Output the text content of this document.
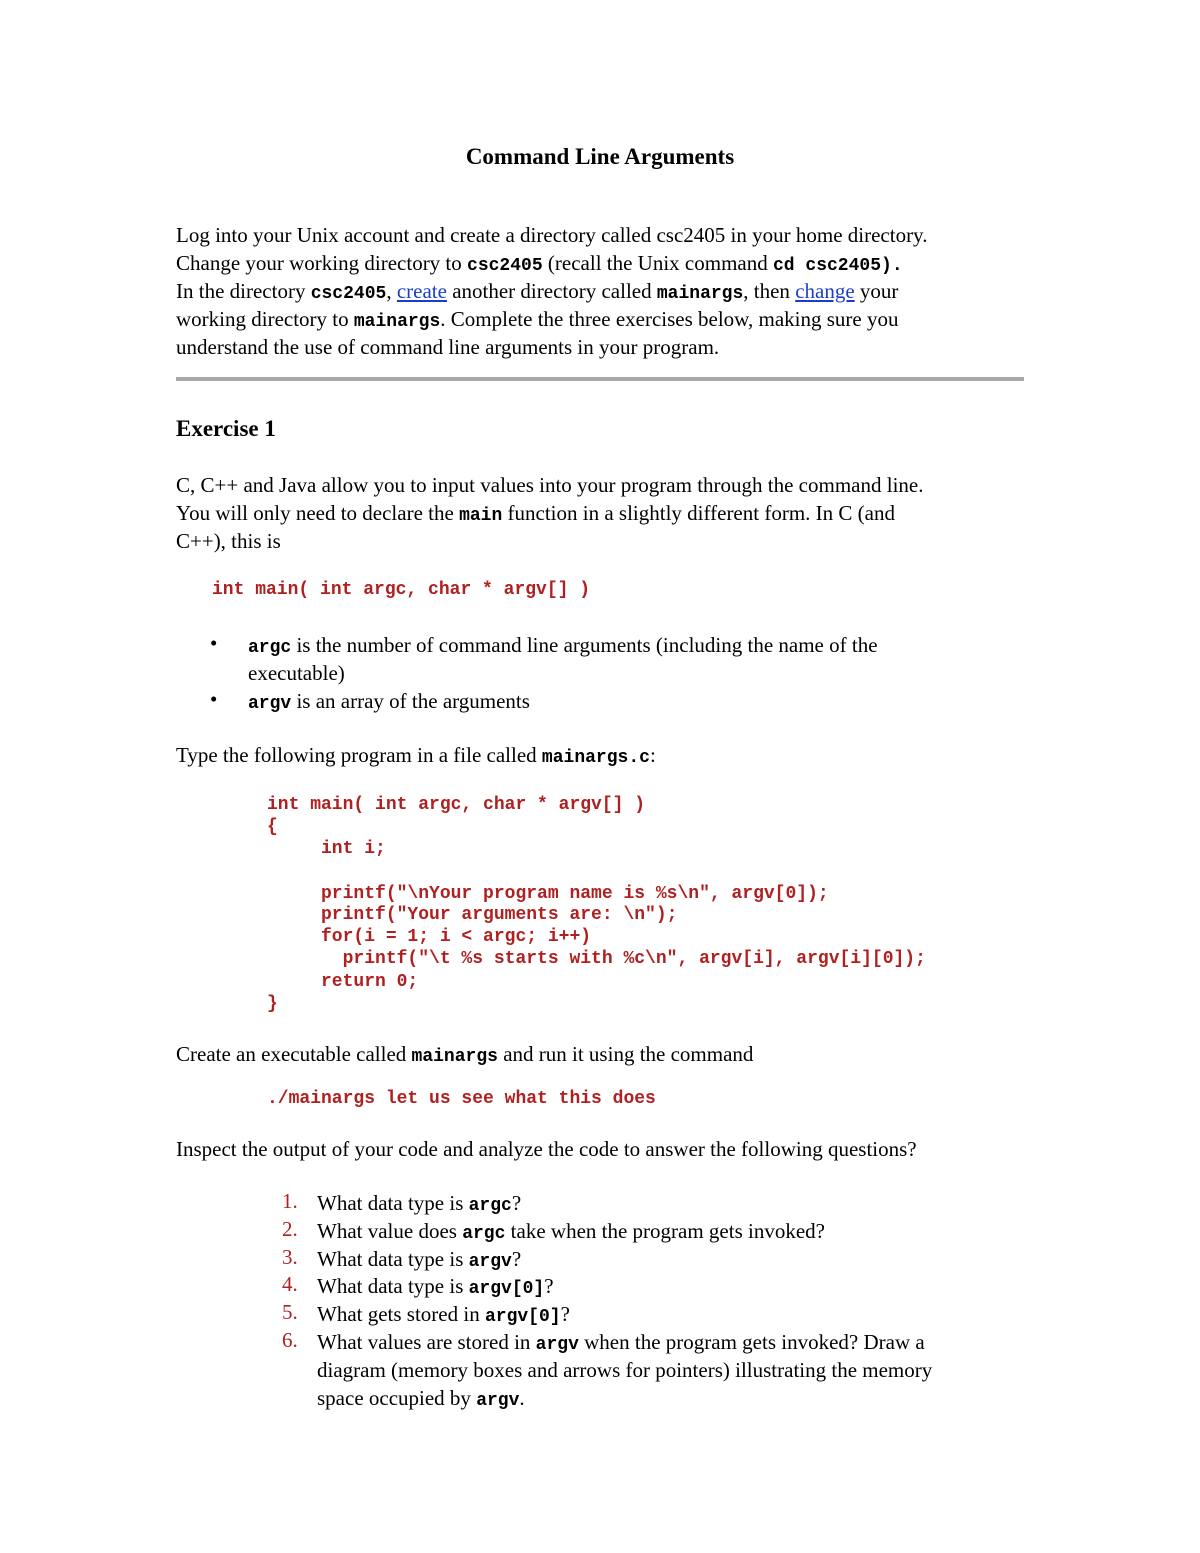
Command Line Arguments
Log into your Unix account and create a directory called csc2405 in your home directory.
Change your working directory to csc2405 (recall the Unix command cd csc2405).
In the directory csc2405, create another directory called mainargs, then change your
working directory to mainargs. Complete the three exercises below, making sure you
understand the use of command line arguments in your program.
Exercise 1
C, C++ and Java allow you to input values into your program through the command line.
You will only need to declare the main function in a slightly different form. In C (and
C++), this is
int main( int argc, char * argv[] )
• argc is the number of command line arguments (including the name of the
executable)
• argv is an array of the arguments
Type the following program in a file called mainargs.c:
int main( int argc, char * argv[] )
{
int i;
printf("\nYour program name is %s\n", argv[0]);
printf("Your arguments are: \n");
for(i = 1; i < argc; i++)
printf("\t %s starts with %c\n", argv[i], argv[i][0]);
return 0;
}
Create an executable called mainargs and run it using the command
./mainargs let us see what this does
Inspect the output of your code and analyze the code to answer the following questions?
1. What data type is argc?
2. What value does argc take when the program gets invoked?
3. What data type is argv?
4. What data type is argv[0]?
5. What gets stored in argv[0]?
6. What values are stored in argv when the program gets invoked? Draw a
diagram (memory boxes and arrows for pointers) illustrating the memory
space occupied by argv.
